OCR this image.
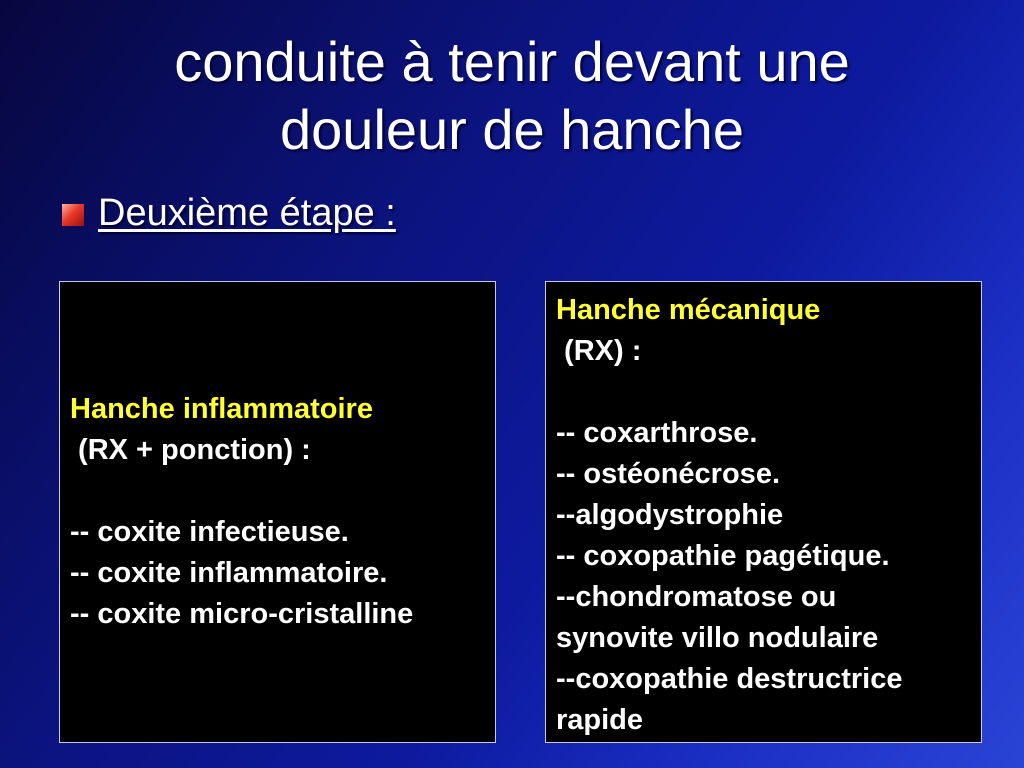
conduite à tenir devant une
douleur de hanche
Deuxième étape :
Hanche inflammatoire
(RX + ponction) :
-- coxite infectieuse.
-- coxite inflammatoire.
-- coxite micro-cristalline
Hanche mécanique
(RX) :
-- coxarthrose.
-- ostéonécrose.
--algodystrophie
-- coxopathie pagétique.
--chondromatose ou
synovite villo nodulaire
--coxopathie destructrice
rapide
